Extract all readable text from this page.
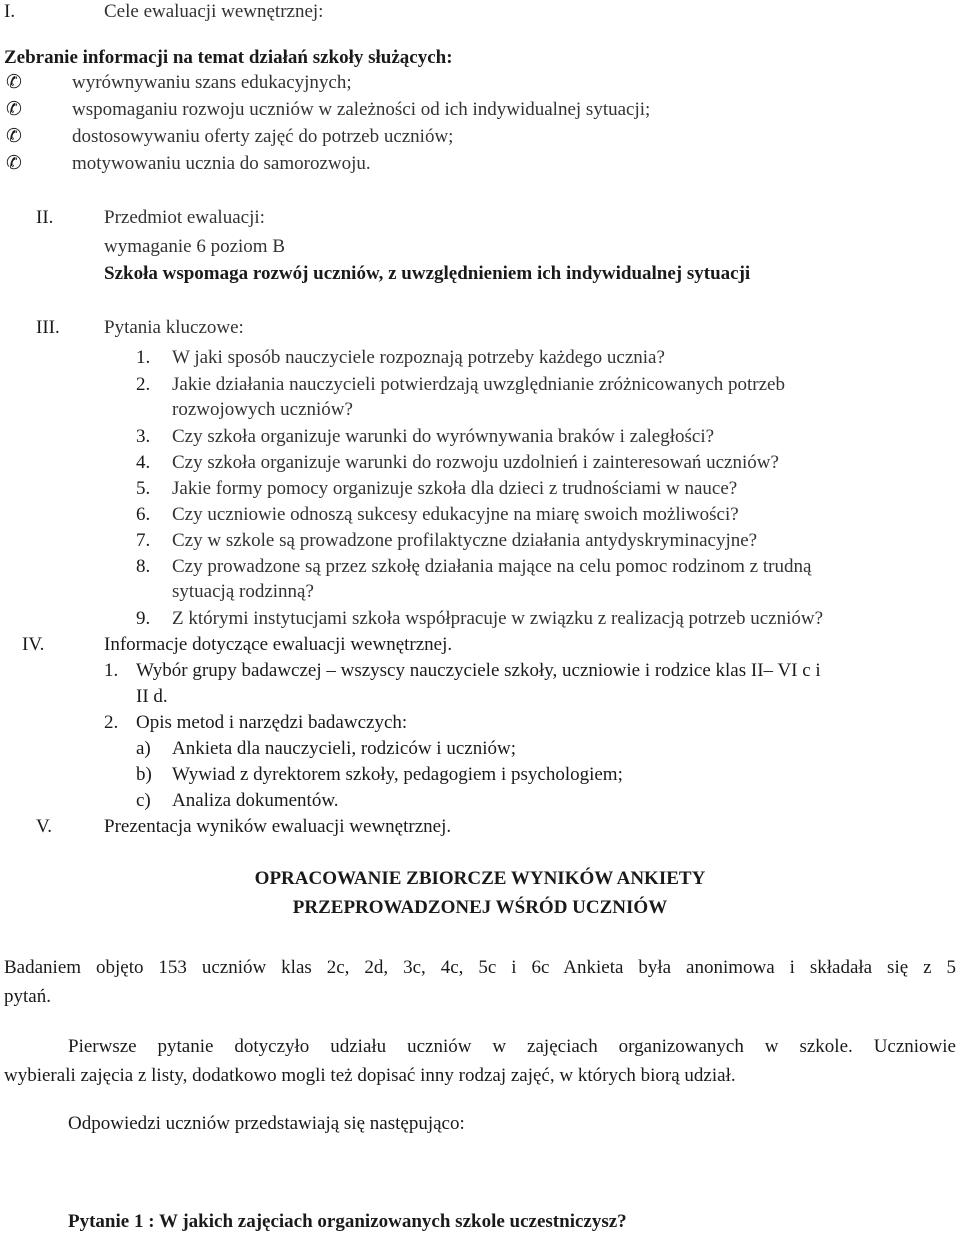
I.	Cele ewaluacji wewnętrznej:
Zebranie informacji na temat działań szkoły służących:
✆	wyrównywaniu szans edukacyjnych;
✆	wspomaganiu rozwoju uczniów w zależności od ich indywidualnej sytuacji;
✆	dostosowywaniu oferty zajęć do potrzeb uczniów;
✆	motywowaniu ucznia do samorozwoju.
II.	Przedmiot ewaluacji:
wymaganie 6 poziom B
Szkoła wspomaga rozwój uczniów, z uwzględnieniem ich indywidualnej sytuacji
III. Pytania kluczowe:
1. W jaki sposób nauczyciele rozpoznają potrzeby każdego ucznia?
2. Jakie działania nauczycieli potwierdzają uwzględnianie zróżnicowanych potrzeb
rozwojowych uczniów?
3. Czy szkoła organizuje warunki do wyrównywania braków i zaległości?
4. Czy szkoła organizuje warunki do rozwoju uzdolnień i zainteresowań uczniów?
5. Jakie formy pomocy organizuje szkoła dla dzieci z trudnościami w nauce?
6. Czy uczniowie odnoszą sukcesy edukacyjne na miarę swoich możliwości?
7. Czy w szkole są prowadzone profilaktyczne działania antydyskryminacyjne?
8. Czy prowadzone są przez szkołę działania mające na celu pomoc rodzinom z trudną
sytuacją rodzinną?
9. Z którymi instytucjami szkoła współpracuje w związku z realizacją potrzeb uczniów?
IV.	Informacje dotyczące ewaluacji wewnętrznej.
1. Wybór grupy badawczej – wszyscy nauczyciele szkoły, uczniowie i rodzice klas II– VI c i
II d.
2. Opis metod i narzędzi badawczych:
a) Ankieta dla nauczycieli, rodziców i uczniów;
b) Wywiad z dyrektorem szkoły, pedagogiem i psychologiem;
c) Analiza dokumentów.
V.	Prezentacja wyników ewaluacji wewnętrznej.
OPRACOWANIE ZBIORCZE WYNIKÓW ANKIETY
PRZEPROWADZONEJ WŚRÓD UCZNIÓW
Badaniem objęto 153 uczniów klas 2c, 2d, 3c, 4c, 5c i 6c Ankieta była anonimowa i składała się z 5
pytań.
Pierwsze pytanie dotyczyło udziału uczniów w zajęciach organizowanych w szkole. Uczniowie
wybierali zajęcia z listy, dodatkowo mogli też dopisać inny rodzaj zajęć, w których biorą udział.
Odpowiedzi uczniów przedstawiają się następująco:
Pytanie 1 : W jakich zajęciach organizowanych szkole uczestniczysz?
